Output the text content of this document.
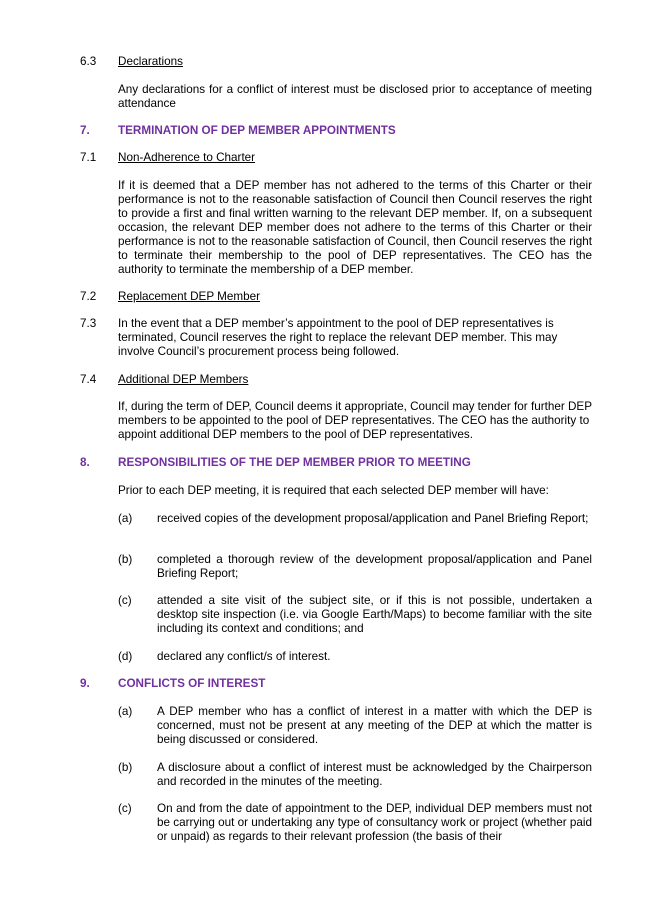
6.3 Declarations

Any declarations for a conflict of interest must be disclosed prior to acceptance of meeting attendance

7. TERMINATION OF DEP MEMBER APPOINTMENTS
7.1 Non-Adherence to Charter

If it is deemed that a DEP member has not adhered to the terms of this Charter or their performance is not to the reasonable satisfaction of Council then Council reserves the right to provide a first and final written warning to the relevant DEP member. If, on a subsequent occasion, the relevant DEP member does not adhere to the terms of this Charter or their performance is not to the reasonable satisfaction of Council, then Council reserves the right to terminate their membership to the pool of DEP representatives. The CEO has the authority to terminate the membership of a DEP member.

7.2 Replacement DEP Member
7.3 In the event that a DEP member’s appointment to the pool of DEP representatives is terminated, Council reserves the right to replace the relevant DEP member. This may involve Council’s procurement process being followed.

7.4 Additional DEP Members

If, during the term of DEP, Council deems it appropriate, Council may tender for further DEP members to be appointed to the pool of DEP representatives. The CEO has the authority to appoint additional DEP members to the pool of DEP representatives.

8. RESPONSIBILITIES OF THE DEP MEMBER PRIOR TO MEETING
Prior to each DEP meeting, it is required that each selected DEP member will have:
(a) received copies of the development proposal/application and Panel Briefing Report;

(b) completed a thorough review of the development proposal/application and Panel Briefing Report;

(c) attended a site visit of the subject site, or if this is not possible, undertaken a desktop site inspection (i.e. via Google Earth/Maps) to become familiar with the site including its context and conditions; and

(d) declared any conflict/s of interest.

9. CONFLICTS OF INTEREST
(a) A DEP member who has a conflict of interest in a matter with which the DEP is concerned, must not be present at any meeting of the DEP at which the matter is being discussed or considered.

(b) A disclosure about a conflict of interest must be acknowledged by the Chairperson and recorded in the minutes of the meeting.

(c) On and from the date of appointment to the DEP, individual DEP members must not be carrying out or undertaking any type of consultancy work or project (whether paid or unpaid) as regards to their relevant profession (the basis of their
